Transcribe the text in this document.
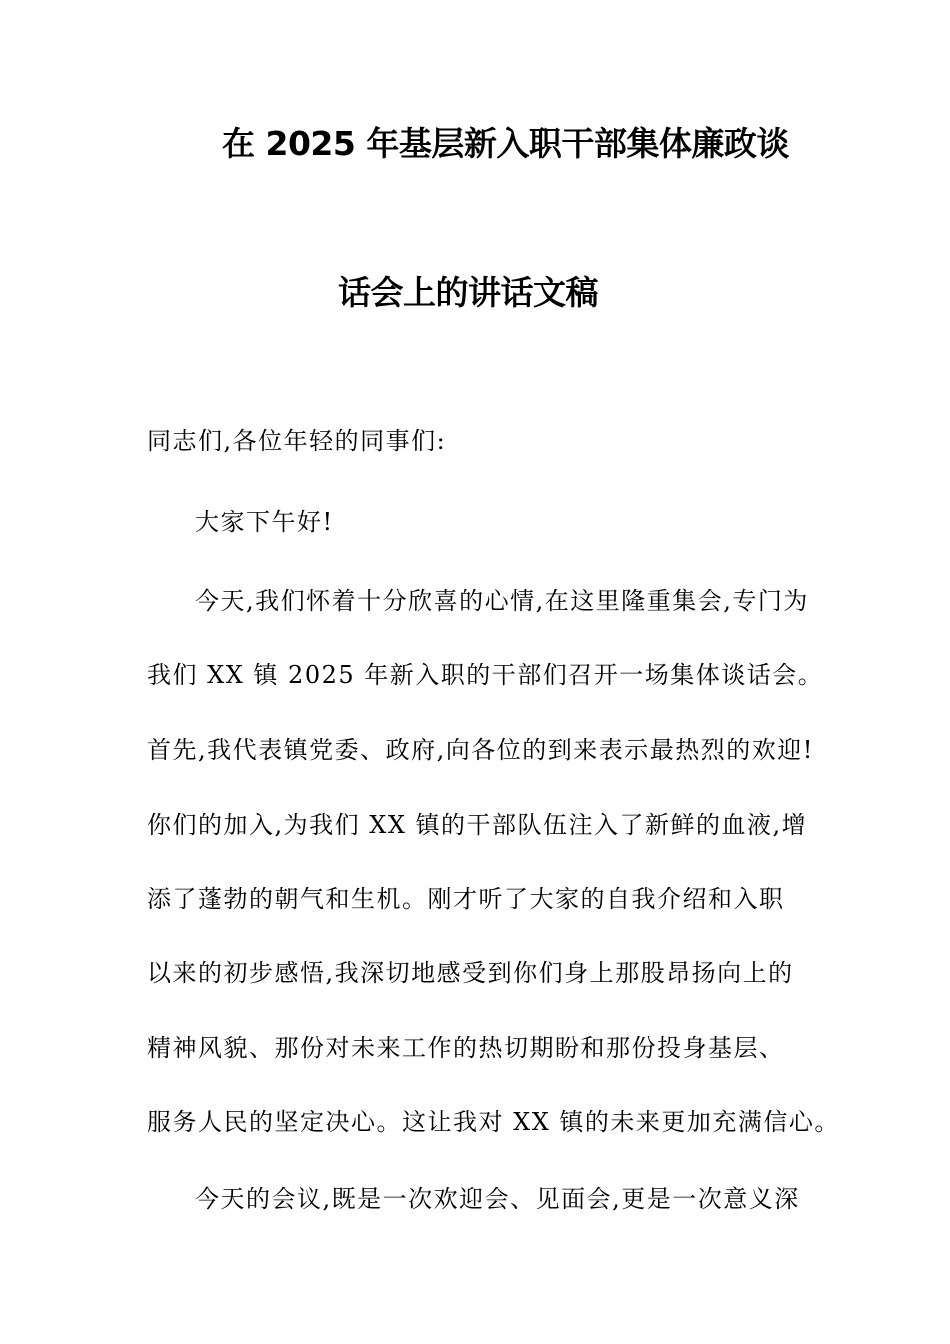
在 2025 年基层新入职干部集体廉政谈
话会上的讲话文稿
同志们,各位年轻的同事们:
大家下午好!
今天,我们怀着十分欣喜的心情,在这里隆重集会,专门为
我们 XX 镇 2025 年新入职的干部们召开一场集体谈话会。
首先,我代表镇党委、政府,向各位的到来表示最热烈的欢迎!
你们的加入,为我们 XX 镇的干部队伍注入了新鲜的血液,增
添了蓬勃的朝气和生机。刚才听了大家的自我介绍和入职
以来的初步感悟,我深切地感受到你们身上那股昂扬向上的
精神风貌、那份对未来工作的热切期盼和那份投身基层、
服务人民的坚定决心。这让我对 XX 镇的未来更加充满信心。
今天的会议,既是一次欢迎会、见面会,更是一次意义深
